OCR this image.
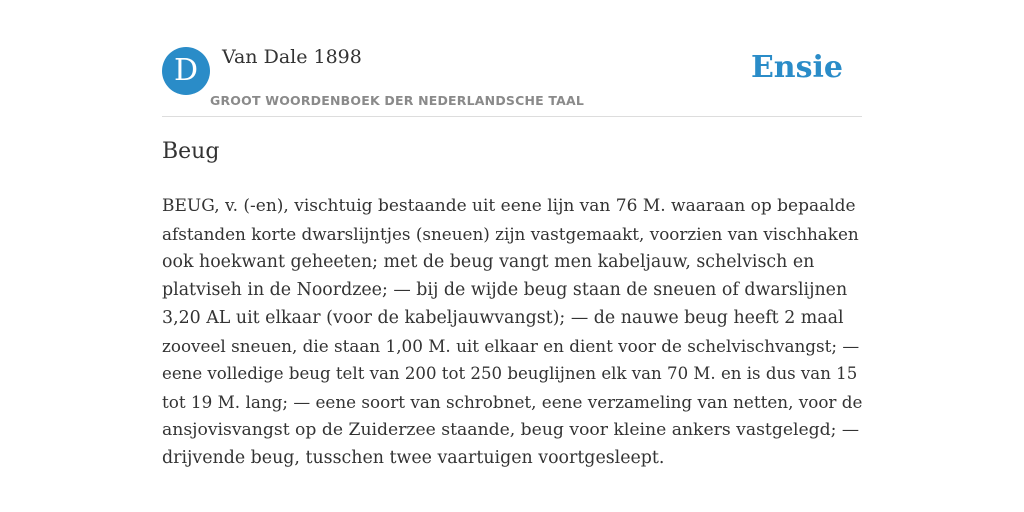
D	Van Dale 1898
GROOT WOORDENBOEK DER NEDERLANDSCHE TAAL
Ensie
Beug

BEUG, v. (-en), vischtuig bestaande uit eene lijn van 76 M. waaraan op bepaalde
afstanden korte dwarslijntjes (sneuen) zijn vastgemaakt, voorzien van vischhaken
ook hoekwant geheeten; met de beug vangt men kabeljauw, schelvisch en
platviseh in de Noordzee; — bij de wijde beug staan de sneuen of dwarslijnen
3,20 AL uit elkaar (voor de kabeljauwvangst); — de nauwe beug heeft 2 maal
zooveel sneuen, die staan 1,00 M. uit elkaar en dient voor de schelvischvangst; —
eene volledige beug telt van 200 tot 250 beuglijnen elk van 70 M. en is dus van 15
tot 19 M. lang; — eene soort van schrobnet, eene verzameling van netten, voor de
ansjovisvangst op de Zuiderzee staande, beug voor kleine ankers vastgelegd; —
drijvende beug, tusschen twee vaartuigen voortgesleept.
